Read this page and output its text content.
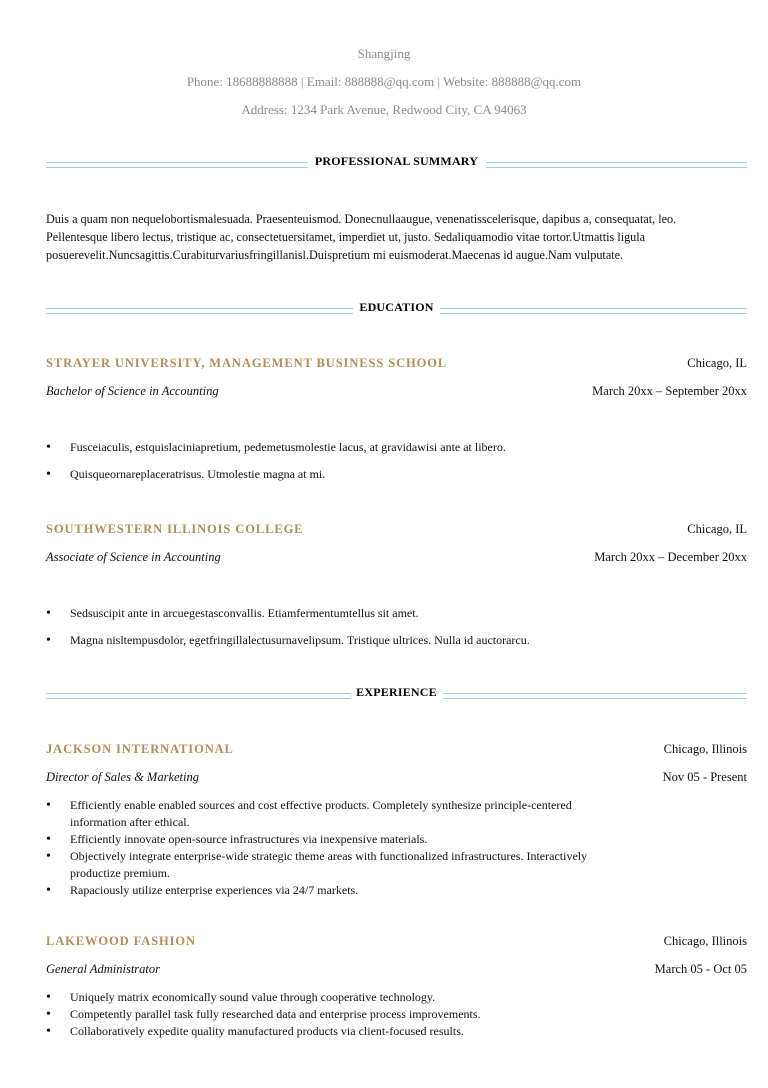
Shangjing
Phone: 18688888888 | Email: 888888@qq.com | Website: 888888@qq.com
Address: 1234 Park Avenue, Redwood City, CA 94063
PROFESSIONAL SUMMARY
Duis a quam non nequelobortismalesuada. Praesenteuismod. Donecnullaaugue, venenatisscelerisque, dapibus a, consequatat, leo.
Pellentesque libero lectus, tristique ac, consectetuersitamet, imperdiet ut, justo. Sedaliquamodio vitae tortor.Utmattis ligula
posuerevelit.Nuncsagittis.Curabiturvariusfringillanisl.Duispretium mi euismoderat.Maecenas id augue.Nam vulputate.
EDUCATION
STRAYER UNIVERSITY, MANAGEMENT BUSINESS SCHOOL	Chicago, IL
Bachelor of Science in Accounting	March 20xx – September 20xx
• Fusceiaculis, estquislaciniapretium, pedemetusmolestie lacus, at gravidawisi ante at libero.
• Quisqueornareplaceratrisus. Utmolestie magna at mi.
SOUTHWESTERN ILLINOIS COLLEGE	Chicago, IL
Associate of Science in Accounting	March 20xx – December 20xx
• Sedsuscipit ante in arcuegestasconvallis. Etiamfermentumtellus sit amet.
• Magna nisltempusdolor, egetfringillalectusurnavelipsum. Tristique ultrices. Nulla id auctorarcu.
EXPERIENCE
JACKSON INTERNATIONAL	Chicago, Illinois
Director of Sales & Marketing	Nov 05 - Present
• Efficiently enable enabled sources and cost effective products. Completely synthesize principle-centered information after ethical.
• Efficiently innovate open-source infrastructures via inexpensive materials.
• Objectively integrate enterprise-wide strategic theme areas with functionalized infrastructures. Interactively productize premium.
• Rapaciously utilize enterprise experiences via 24/7 markets.
LAKEWOOD FASHION	Chicago, Illinois
General Administrator	March 05 - Oct 05
• Uniquely matrix economically sound value through cooperative technology.
• Competently parallel task fully researched data and enterprise process improvements.
• Collaboratively expedite quality manufactured products via client-focused results.
